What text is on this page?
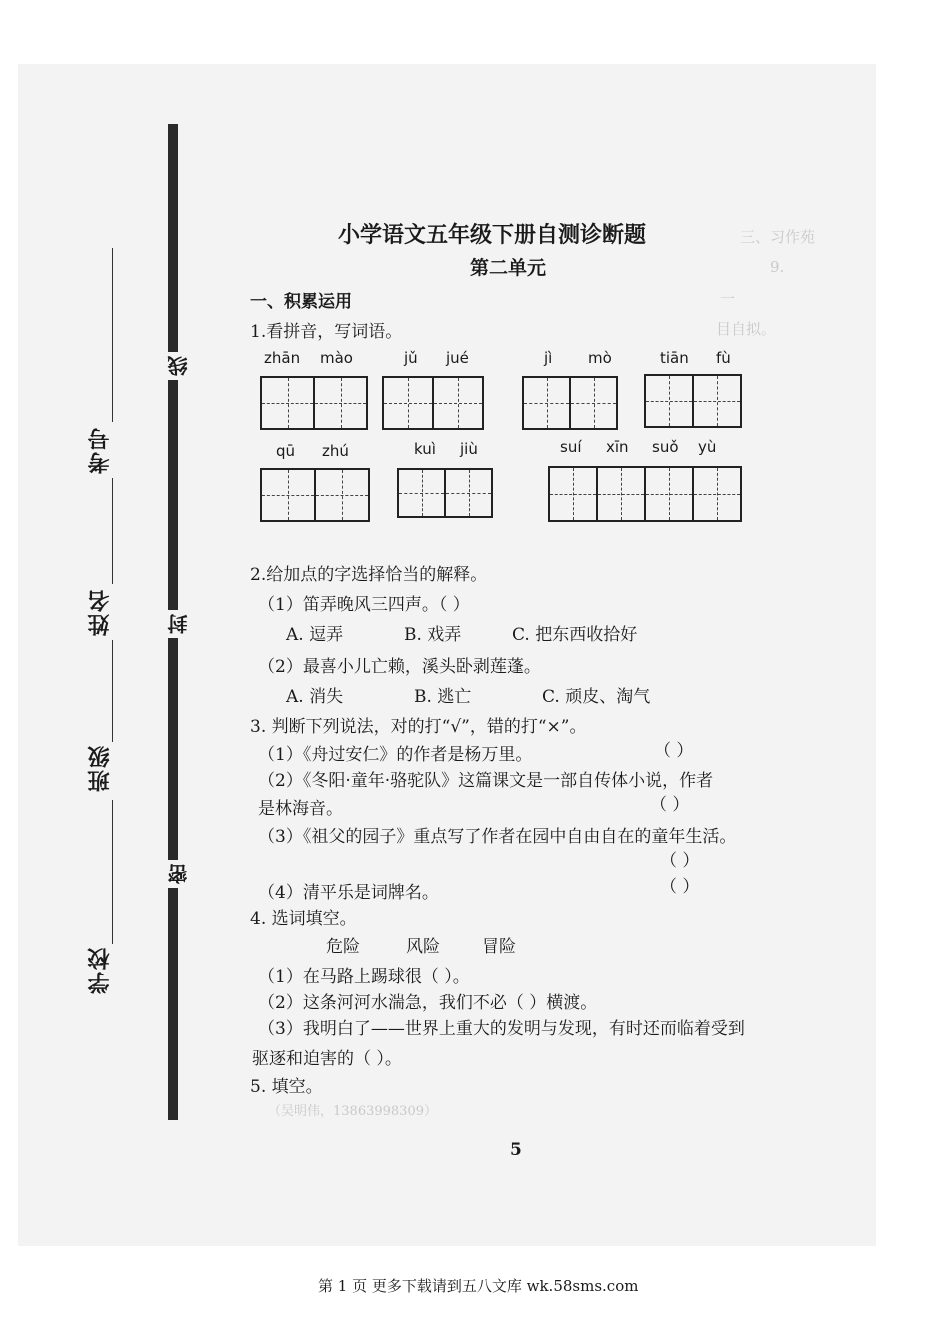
三、习作苑
9.
一
目自拟。
（吴明伟，13863998309）
线
封
密
考号
姓名
班级
学校
小学语文五年级下册自测诊断题
第二单元
一、积累运用
1.看拼音，写词语。
zhān mào	jǔ jué	jì mò	tiān fù
qū zhú	kuì jiù	suí xīn suǒ yù
2.给加点的字选择恰当的解释。
（1）笛弄晚风三四声。（ ）
A. 逗弄	B. 戏弄	C. 把东西收拾好
（2）最喜小儿亡赖，溪头卧剥莲蓬。
A. 消失	B. 逃亡	C. 顽皮、淘气
3. 判断下列说法，对的打“√”，错的打“×”。
（1）《舟过安仁》的作者是杨万里。	（ ）
（2）《冬阳·童年·骆驼队》这篇课文是一部自传体小说，作者
是林海音。	（ ）
（3）《祖父的园子》重点写了作者在园中自由自在的童年生活。
（ ）
（4）清平乐是词牌名。	（ ）
4. 选词填空。
危险	风险 冒险
（1）在马路上踢球很（ ）。
（2）这条河河水湍急，我们不必（ ）横渡。
（3）我明白了——世界上重大的发明与发现，有时还而临着受到
驱逐和迫害的（ ）。
5. 填空。
5
第 1 页 更多下载请到五八文库 wk.58sms.com
